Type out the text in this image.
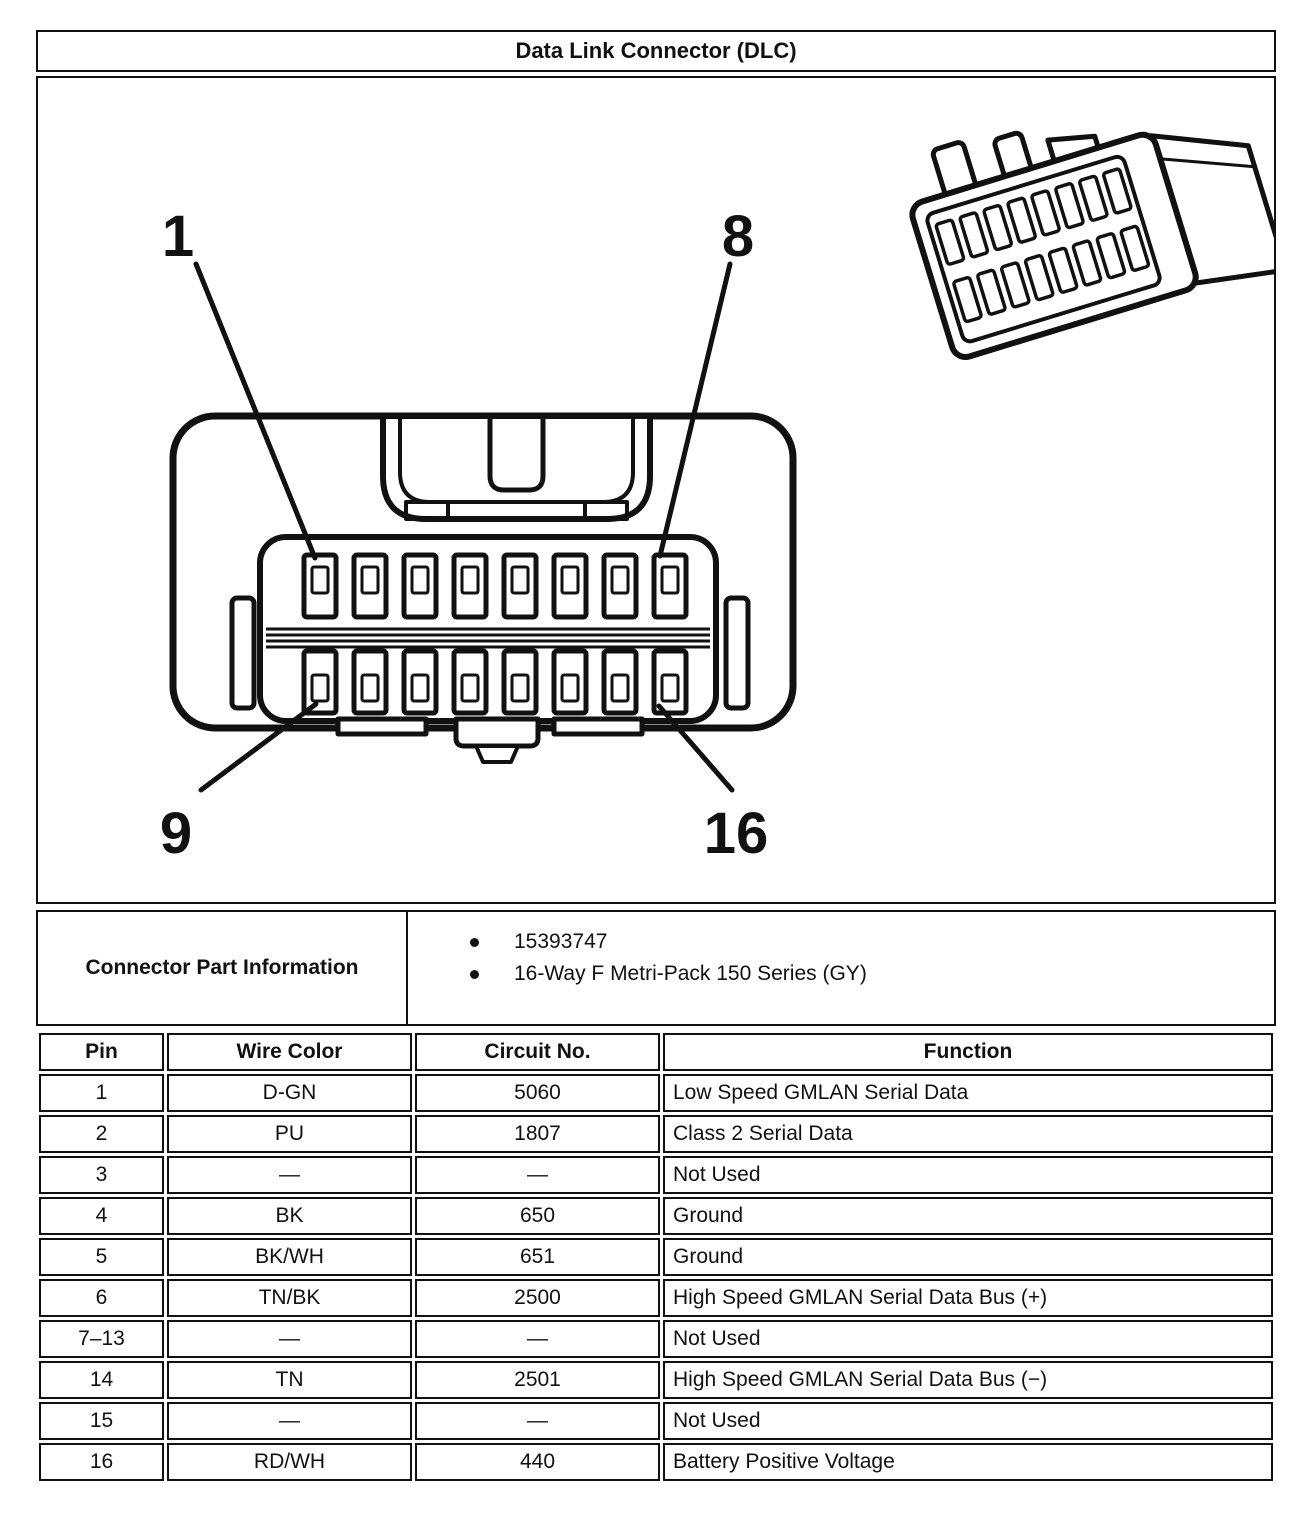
Data Link Connector (DLC)
1	8
9	16
Connector Part Information
15393747
16-Way F Metri-Pack 150 Series (GY)
Pin	Wire Color	Circuit No.	Function
1	D-GN	5060	Low Speed GMLAN Serial Data
2	PU	1807	Class 2 Serial Data
3	—	—	Not Used
4	BK	650	Ground
5	BK/WH	651	Ground
6	TN/BK	2500	High Speed GMLAN Serial Data Bus (+)
7–13	—	—	Not Used
14	TN	2501	High Speed GMLAN Serial Data Bus (−)
15	—	—	Not Used
16	RD/WH	440	Battery Positive Voltage
